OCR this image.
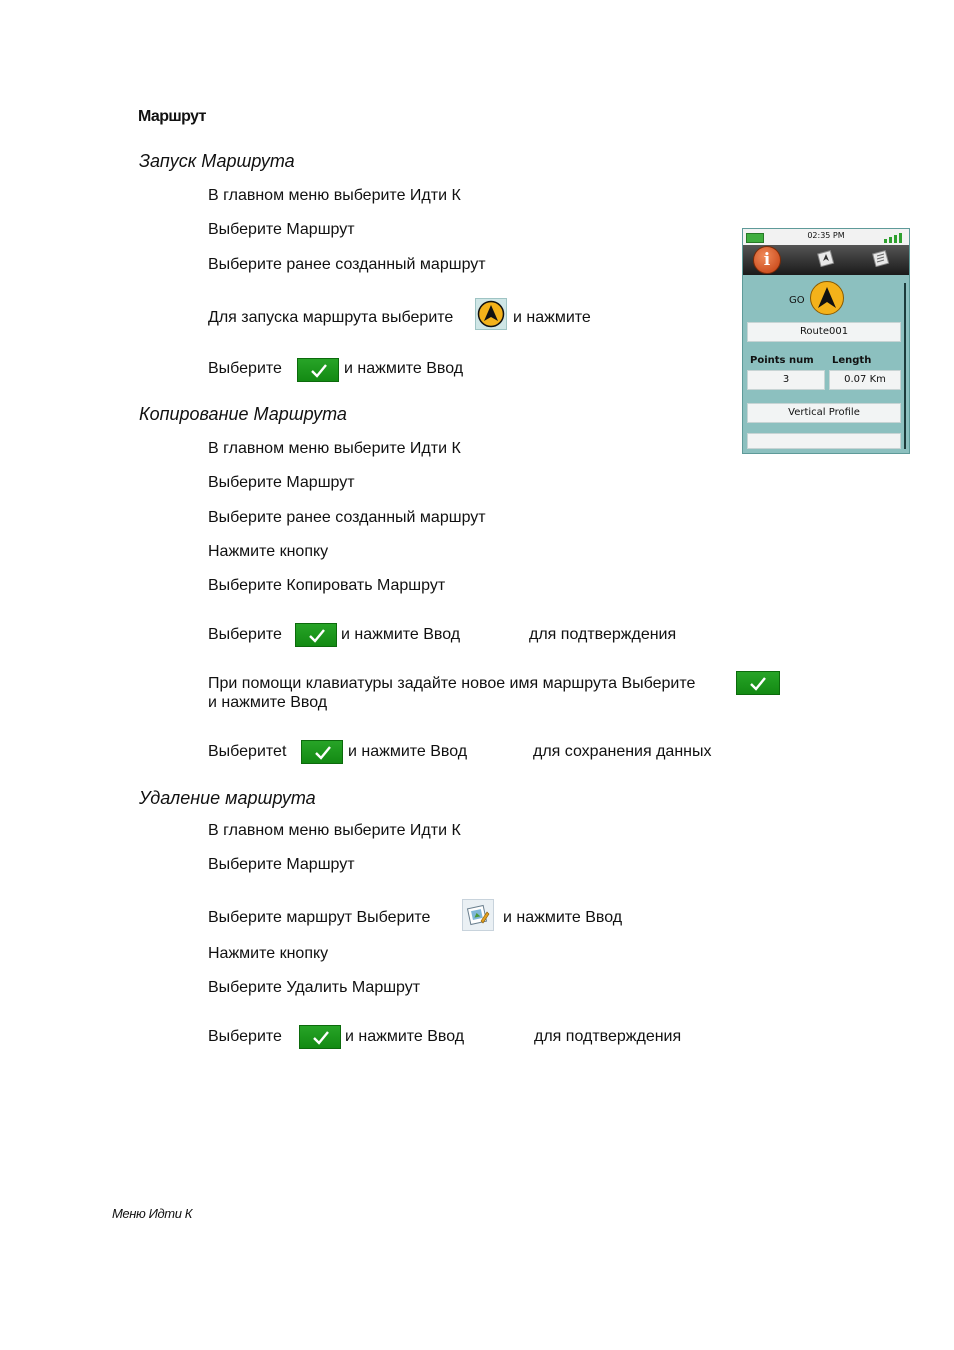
Маршрут
Запуск Маршрута
В главном меню выберите Идти К
Выберите Маршрут
Выберите ранее созданный маршрут
Для запуска маршрута выберите	и нажмите
Выберите	и нажмите Ввод
Копирование Маршрута
В главном меню выберите Идти К
Выберите Маршрут
Выберите ранее созданный маршрут
Нажмите кнопку
Выберите Копировать Маршрут
Выберите	и нажмите Ввод	для подтверждения
При помощи клавиатуры задайте новое имя маршрута Выберите
и нажмите Ввод
Выберитеt	и нажмите Ввод	для сохранения данных
Удаление маршрута
В главном меню выберите Идти К
Выберите Маршрут
Выберите маршрут Выберите	и нажмите Ввод
Нажмите кнопку
Выберите Удалить Маршрут
Выберите	и нажмите Ввод	для подтверждения
02:35 PM
i
GO
Route001
Points num Length
3	0.07 Km
Vertical Profile
Меню Идти К
